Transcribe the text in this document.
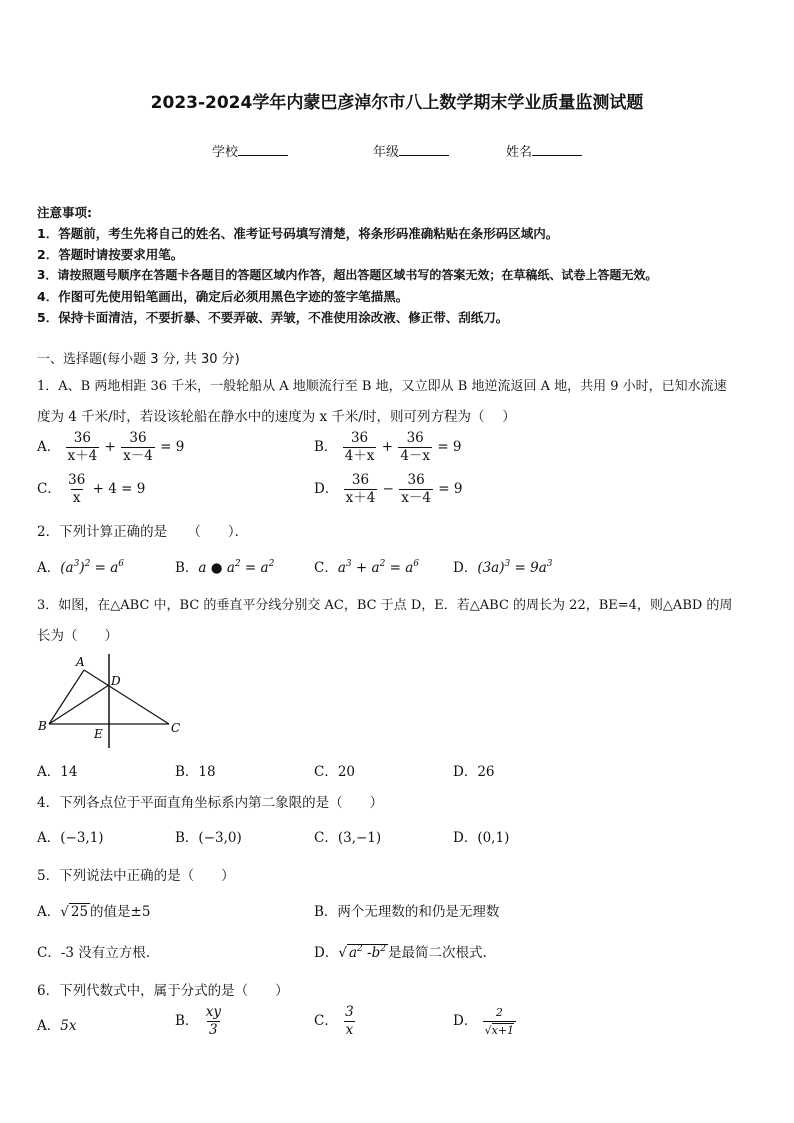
2023-2024学年内蒙巴彦淖尔市八上数学期末学业质量监测试题
学校	年级	姓名
注意事项:
1．答题前，考生先将自己的姓名、准考证号码填写清楚，将条形码准确粘贴在条形码区域内。
2．答题时请按要求用笔。
3．请按照题号顺序在答题卡各题目的答题区域内作答，超出答题区域书写的答案无效；在草稿纸、试卷上答题无效。
4．作图可先使用铅笔画出，确定后必须用黑色字迹的签字笔描黑。
5．保持卡面清洁，不要折暴、不要弄破、弄皱，不准使用涂改液、修正带、刮纸刀。
一、选择题(每小题 3 分, 共 30 分)
1．A、B 两地相距 36 千米，一般轮船从 A 地顺流行至 B 地，又立即从 B 地逆流返回 A 地，共用 9 小时，已知水流速
度为 4 千米/时，若设该轮船在静水中的速度为 x 千米/时，则可列方程为（　 ）
A． $\frac{36}{x+4} + \frac{36}{x-4} = 9$	B． $\frac{36}{4+x} + \frac{36}{4-x} = 9$
C． $\frac{36}{x} + 4 = 9$	D． $\frac{36}{x+4} - \frac{36}{x-4} = 9$
2．下列计算正确的是　　（　　）．
A．$(a^3)^2 = a^6$	B．a ● $a^2 = a^2$	C．$a^3 + a^2 = a^6$	D．$(3a)^3 = 9a^3$
3．如图，在△ABC 中，BC 的垂直平分线分别交 AC，BC 于点 D，E．若△ABC 的周长为 22，BE=4，则△ABD 的周
长为（　　）
A
D
B	C
E
A．14	B．18	C．20	D．26
4．下列各点位于平面直角坐标系内第二象限的是（　　）
A．(−3,1)	B．(−3,0)	C．(3,−1)	D．(0,1)
5．下列说法中正确的是（　　）
A．√ 25 的值是±5	B．两个无理数的和仍是无理数
C．-3 没有立方根.	D．√ $a^2$ $-b^2$ 是最简二次根式.
6．下列代数式中，属于分式的是（　　）
A．5x	B． $\frac{xy}{3}$	C． $\frac{3}{x}$	D． $\frac{2}{√x+1}$
